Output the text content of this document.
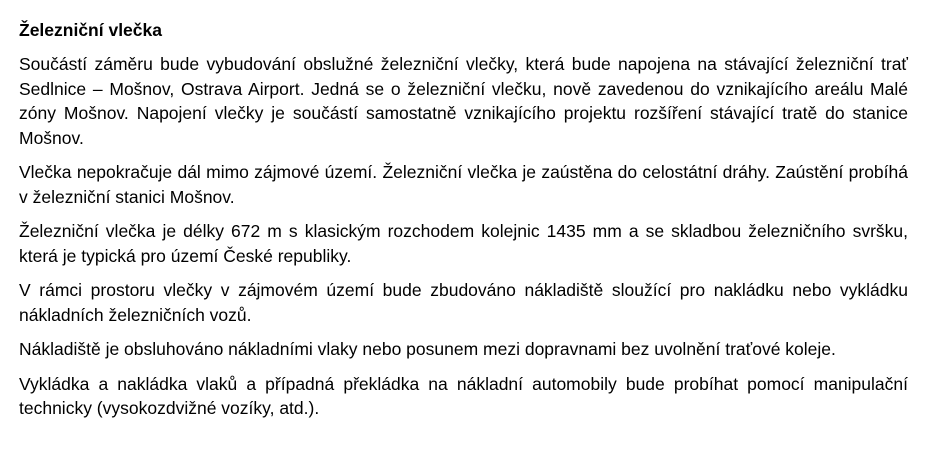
Železniční vlečka

Součástí záměru bude vybudování obslužné železniční vlečky, která bude napojena na stávající železniční trať Sedlnice – Mošnov, Ostrava Airport. Jedná se o železniční vlečku, nově zavedenou do vznikajícího areálu Malé zóny Mošnov. Napojení vlečky je součástí samostatně vznikajícího projektu rozšíření stávající tratě do stanice Mošnov.

Vlečka nepokračuje dál mimo zájmové území. Železniční vlečka je zaústěna do celostátní dráhy. Zaústění probíhá v železniční stanici Mošnov.

Železniční vlečka je délky 672 m s klasickým rozchodem kolejnic 1435 mm a se skladbou železničního svršku, která je typická pro území České republiky.

V rámci prostoru vlečky v zájmovém území bude zbudováno nákladiště sloužící pro nakládku nebo vykládku nákladních železničních vozů.

Nákladiště je obsluhováno nákladními vlaky nebo posunem mezi dopravnami bez uvolnění traťové koleje.

Vykládka a nakládka vlaků a případná překládka na nákladní automobily bude probíhat pomocí manipulační technicky (vysokozdvižné vozíky, atd.).
